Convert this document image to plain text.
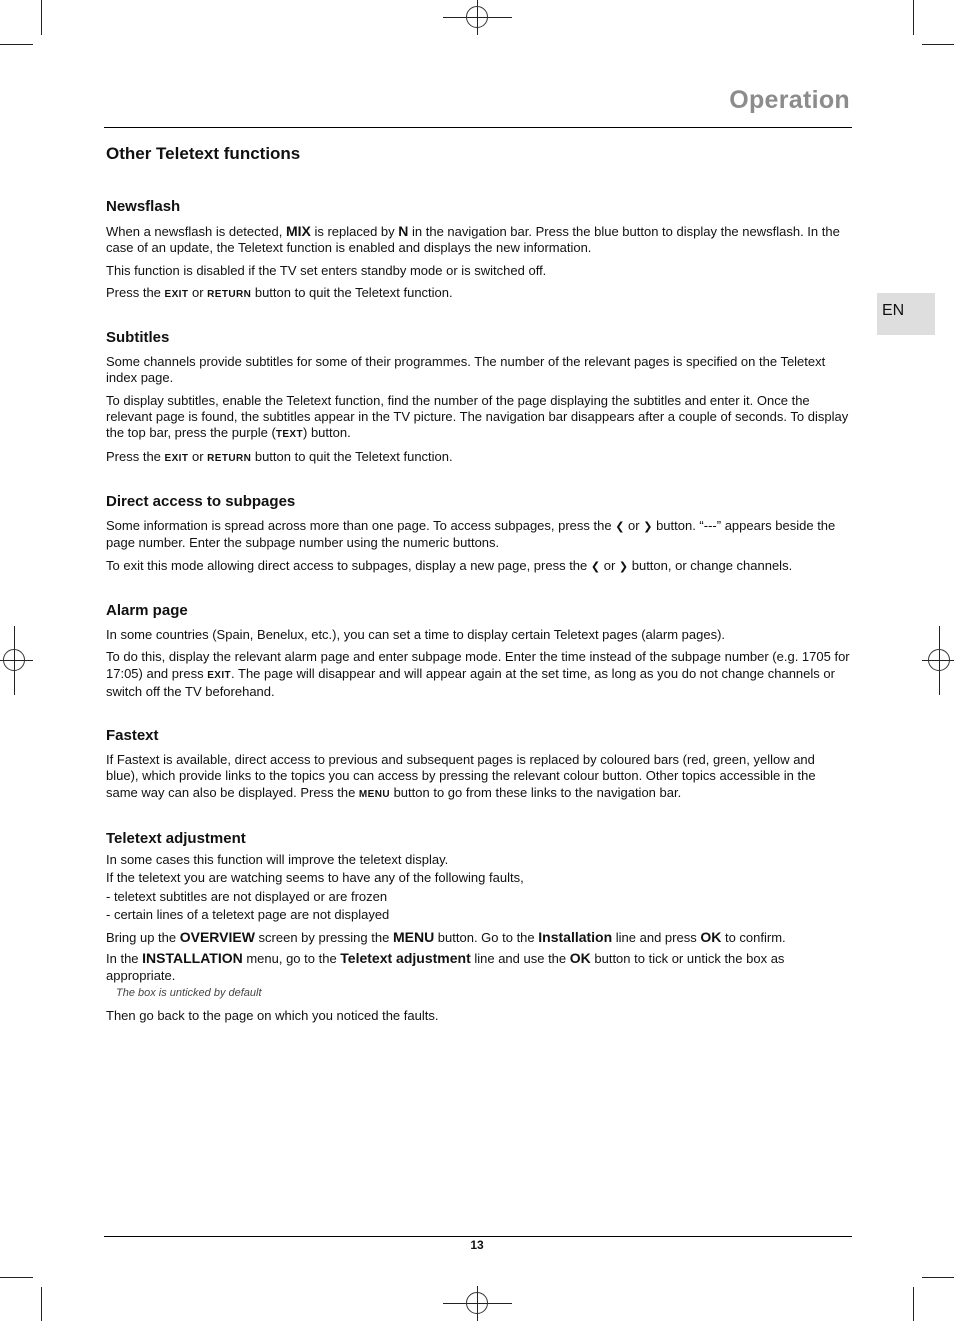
Operation
EN
Other Teletext functions
Newsflash

When a newsflash is detected, MIX is replaced by N in the navigation bar. Press the blue button to display the newsflash. In the case of an update, the Teletext function is enabled and displays the new information.

This function is disabled if the TV set enters standby mode or is switched off.

Press the EXIT or RETURN button to quit the Teletext function.

Subtitles

Some channels provide subtitles for some of their programmes. The number of the relevant pages is specified on the Teletext index page.

To display subtitles, enable the Teletext function, find the number of the page displaying the subtitles and enter it. Once the relevant page is found, the subtitles appear in the TV picture. The navigation bar disappears after a couple of seconds. To display the top bar, press the purple (TEXT) button.

Press the EXIT or RETURN button to quit the Teletext function.

Direct access to subpages

Some information is spread across more than one page. To access subpages, press the ❮ or ❯ button. “---” appears beside the page number. Enter the subpage number using the numeric buttons.

To exit this mode allowing direct access to subpages, display a new page, press the ❮ or ❯ button, or change channels.

Alarm page

In some countries (Spain, Benelux, etc.), you can set a time to display certain Teletext pages (alarm pages).

To do this, display the relevant alarm page and enter subpage mode. Enter the time instead of the subpage number (e.g. 1705 for 17:05) and press EXIT. The page will disappear and will appear again at the set time, as long as you do not change channels or switch off the TV beforehand.

Fastext

If Fastext is available, direct access to previous and subsequent pages is replaced by coloured bars (red, green, yellow and blue), which provide links to the topics you can access by pressing the relevant colour button. Other topics accessible in the same way can also be displayed. Press the MENU button to go from these links to the navigation bar.

Teletext adjustment

In some cases this function will improve the teletext display.

If the teletext you are watching seems to have any of the following faults,

- teletext subtitles are not displayed or are frozen

- certain lines of a teletext page are not displayed

Bring up the OVERVIEW screen by pressing the MENU button. Go to the Installation line and press OK to confirm.

In the INSTALLATION menu, go to the Teletext adjustment line and use the OK button to tick or untick the box as appropriate.

The box is unticked by default

Then go back to the page on which you noticed the faults.

13
